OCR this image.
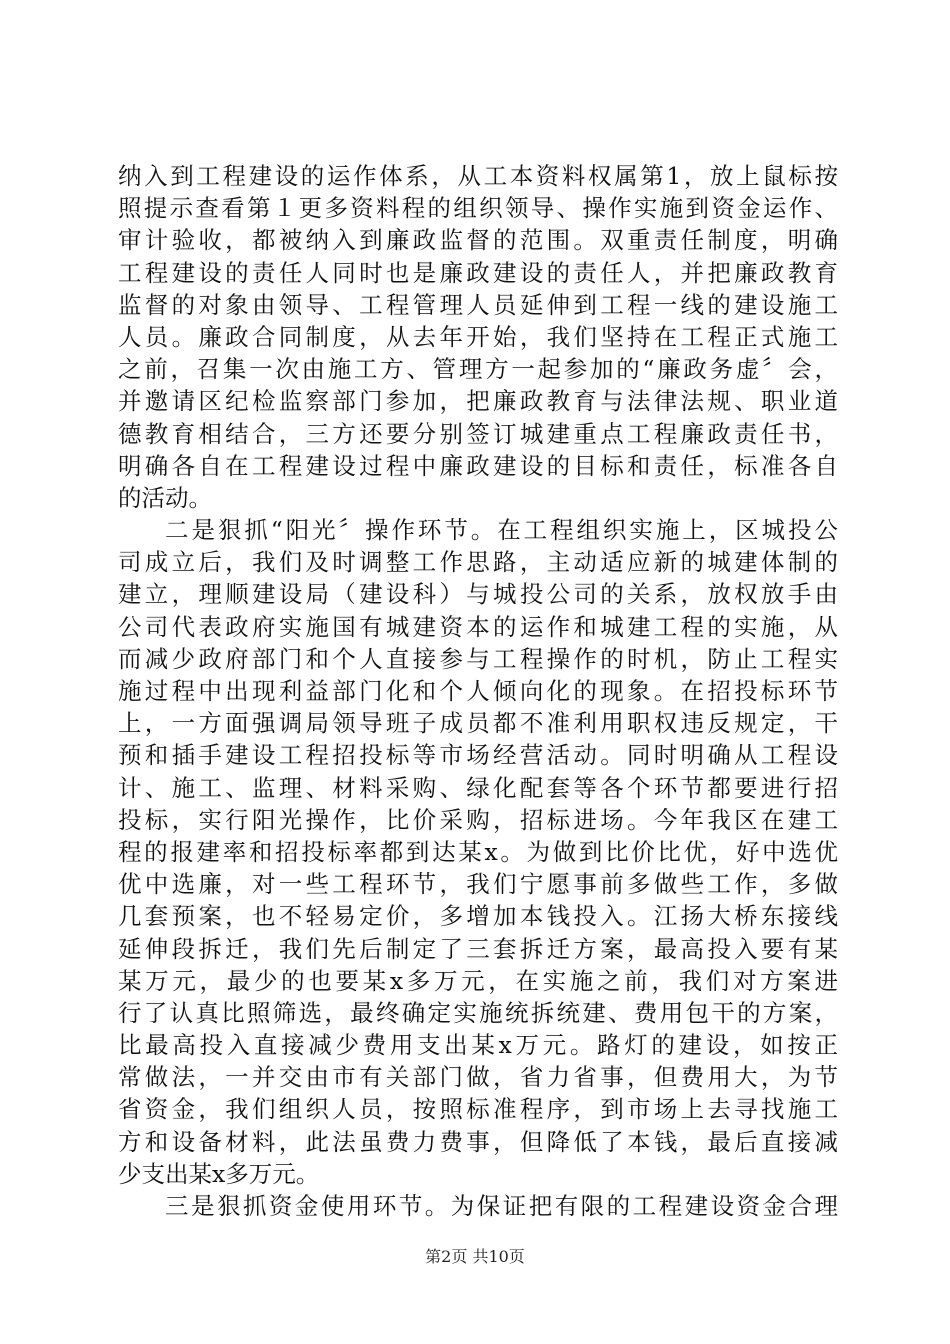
纳入到工程建设的运作体系，从工本资料权属第1，放上鼠标按
照提示查看第１更多资料程的组织领导、操作实施到资金运作、
审计验收，都被纳入到廉政监督的范围。双重责任制度，明确
工程建设的责任人同时也是廉政建设的责任人，并把廉政教育
监督的对象由领导、工程管理人员延伸到工程一线的建设施工
人员。廉政合同制度，从去年开始，我们坚持在工程正式施工
之前，召集一次由施工方、管理方一起参加的“廉政务虚〞会，
并邀请区纪检监察部门参加，把廉政教育与法律法规、职业道
德教育相结合，三方还要分别签订城建重点工程廉政责任书，
明确各自在工程建设过程中廉政建设的目标和责任，标准各自
的活动。
二是狠抓“阳光〞操作环节。在工程组织实施上，区城投公
司成立后，我们及时调整工作思路，主动适应新的城建体制的
建立，理顺建设局（建设科）与城投公司的关系，放权放手由
公司代表政府实施国有城建资本的运作和城建工程的实施，从
而减少政府部门和个人直接参与工程操作的时机，防止工程实
施过程中出现利益部门化和个人倾向化的现象。在招投标环节
上，一方面强调局领导班子成员都不准利用职权违反规定，干
预和插手建设工程招投标等市场经营活动。同时明确从工程设
计、施工、监理、材料采购、绿化配套等各个环节都要进行招
投标，实行阳光操作，比价采购，招标进场。今年我区在建工
程的报建率和招投标率都到达某x。为做到比价比优，好中选优
优中选廉，对一些工程环节，我们宁愿事前多做些工作，多做
几套预案，也不轻易定价，多增加本钱投入。江扬大桥东接线
延伸段拆迁，我们先后制定了三套拆迁方案，最高投入要有某
某万元，最少的也要某x多万元，在实施之前，我们对方案进
行了认真比照筛选，最终确定实施统拆统建、费用包干的方案，
比最高投入直接减少费用支出某x万元。路灯的建设，如按正
常做法，一并交由市有关部门做，省力省事，但费用大，为节
省资金，我们组织人员，按照标准程序，到市场上去寻找施工
方和设备材料，此法虽费力费事，但降低了本钱，最后直接减
少支出某x多万元。
三是狠抓资金使用环节。为保证把有限的工程建设资金合理
第2页 共10页
